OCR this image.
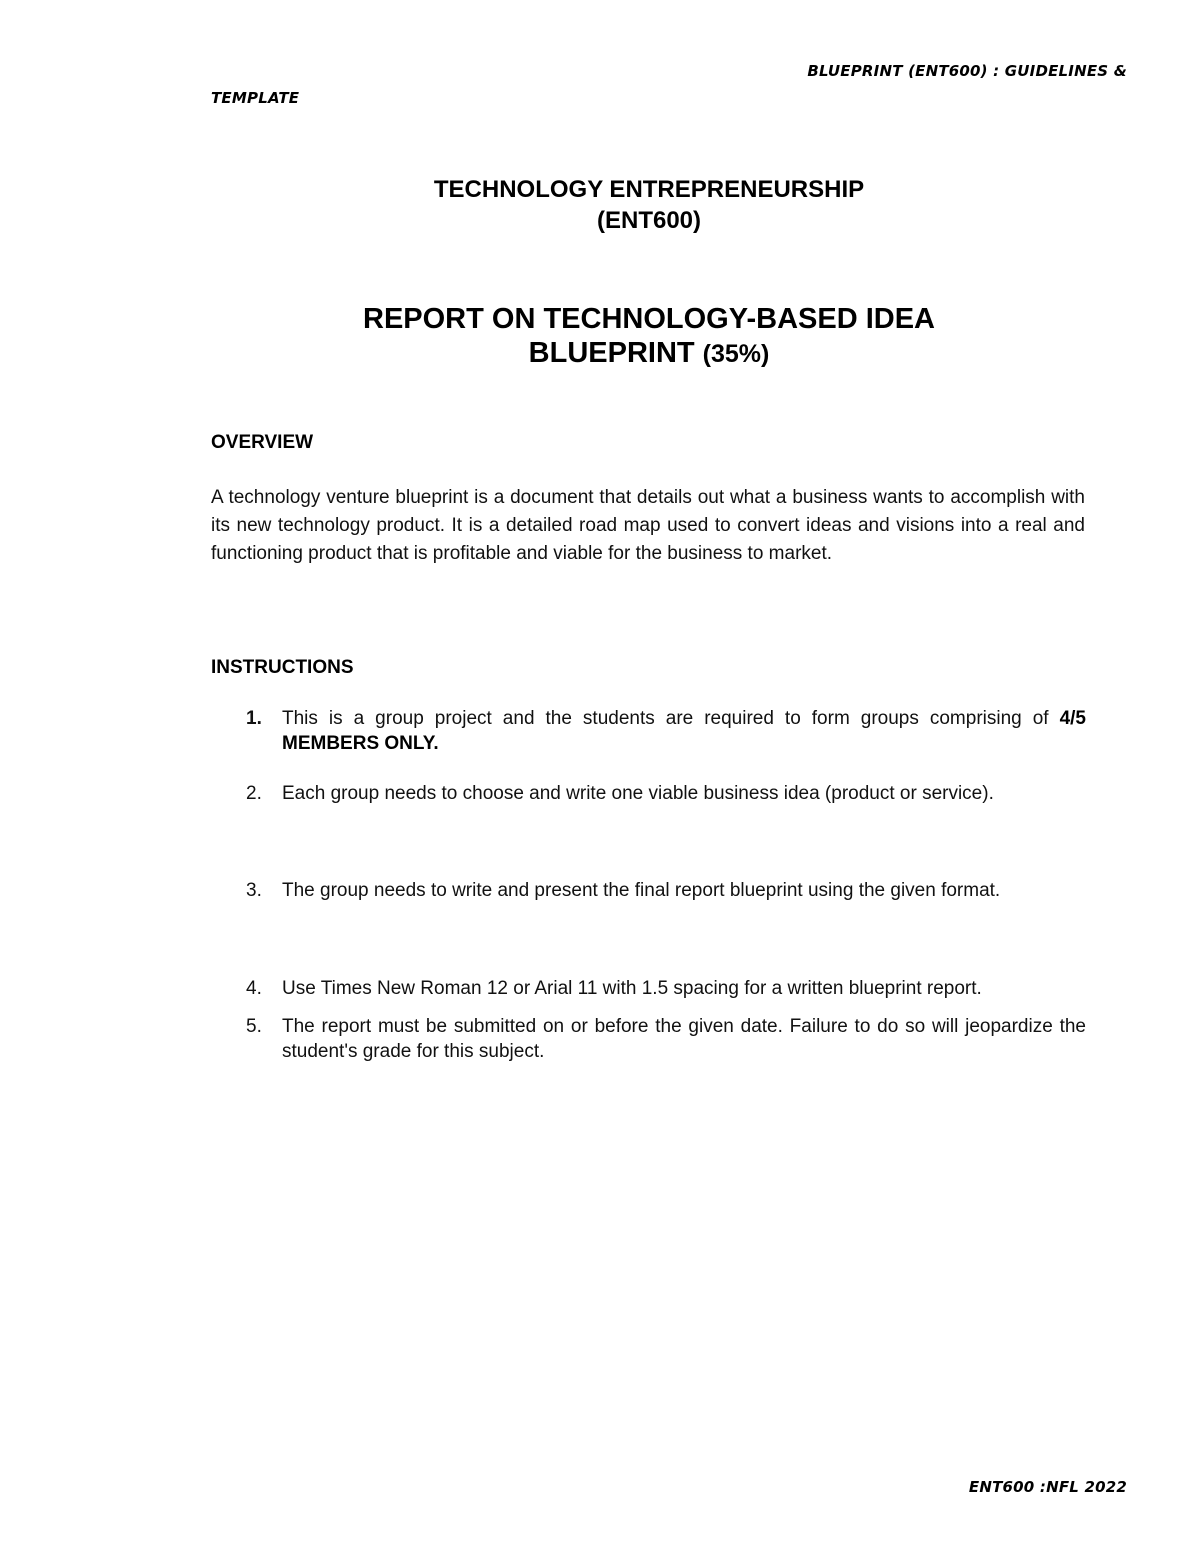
BLUEPRINT (ENT600) : GUIDELINES &
TEMPLATE
TECHNOLOGY ENTREPRENEURSHIP
(ENT600)
REPORT ON TECHNOLOGY-BASED IDEA
BLUEPRINT (35%)
OVERVIEW
A technology venture blueprint is a document that details out what a business wants to accomplish with its new technology product. It is a detailed road map used to convert ideas and visions into a real and functioning product that is profitable and viable for the business to market.
INSTRUCTIONS
1.	This is a group project and the students are required to form groups comprising of 4/5 MEMBERS ONLY.
2.	Each group needs to choose and write one viable business idea (product or service).
3.	The group needs to write and present the final report blueprint using the given format.
4.	Use Times New Roman 12 or Arial 11 with 1.5 spacing for a written blueprint report.
5.	The report must be submitted on or before the given date. Failure to do so will jeopardize the student's grade for this subject.
ENT600 :NFL 2022
